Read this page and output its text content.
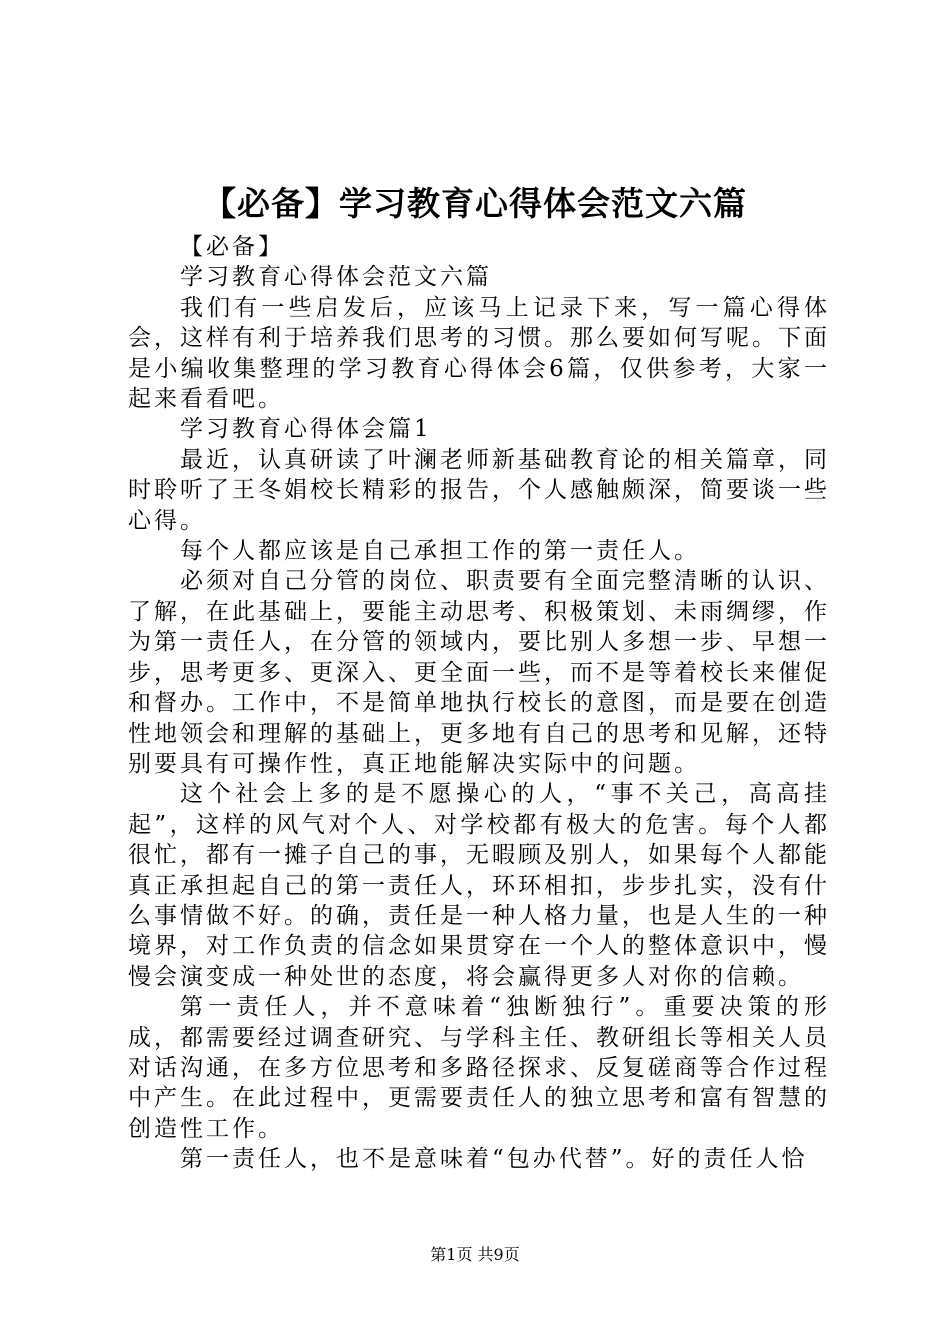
【必备】学习教育心得体会范文六篇

【必备】

学习教育心得体会范文六篇

我们有一些启发后，应该马上记录下来，写一篇心得体会，这样有利于培养我们思考的习惯。那么要如何写呢。下面是小编收集整理的学习教育心得体会6篇，仅供参考，大家一起来看看吧。

学习教育心得体会篇1

最近，认真研读了叶澜老师新基础教育论的相关篇章，同时聆听了王冬娟校长精彩的报告，个人感触颇深，简要谈一些心得。

每个人都应该是自己承担工作的第一责任人。

必须对自己分管的岗位、职责要有全面完整清晰的认识、了解，在此基础上，要能主动思考、积极策划、未雨绸缪，作为第一责任人，在分管的领域内，要比别人多想一步、早想一步，思考更多、更深入、更全面一些，而不是等着校长来催促和督办。工作中，不是简单地执行校长的意图，而是要在创造性地领会和理解的基础上，更多地有自己的思考和见解，还特别要具有可操作性，真正地能解决实际中的问题。

这个社会上多的是不愿操心的人，“事不关己，高高挂起”，这样的风气对个人、对学校都有极大的危害。每个人都很忙，都有一摊子自己的事，无暇顾及别人，如果每个人都能真正承担起自己的第一责任人，环环相扣，步步扎实，没有什么事情做不好。的确，责任是一种人格力量，也是人生的一种境界，对工作负责的信念如果贯穿在一个人的整体意识中，慢慢会演变成一种处世的态度，将会赢得更多人对你的信赖。

第一责任人，并不意味着“独断独行”。重要决策的形成，都需要经过调查研究、与学科主任、教研组长等相关人员对话沟通，在多方位思考和多路径探求、反复磋商等合作过程中产生。在此过程中，更需要责任人的独立思考和富有智慧的创造性工作。

第一责任人，也不是意味着“包办代替”。好的责任人恰

第1页 共9页
